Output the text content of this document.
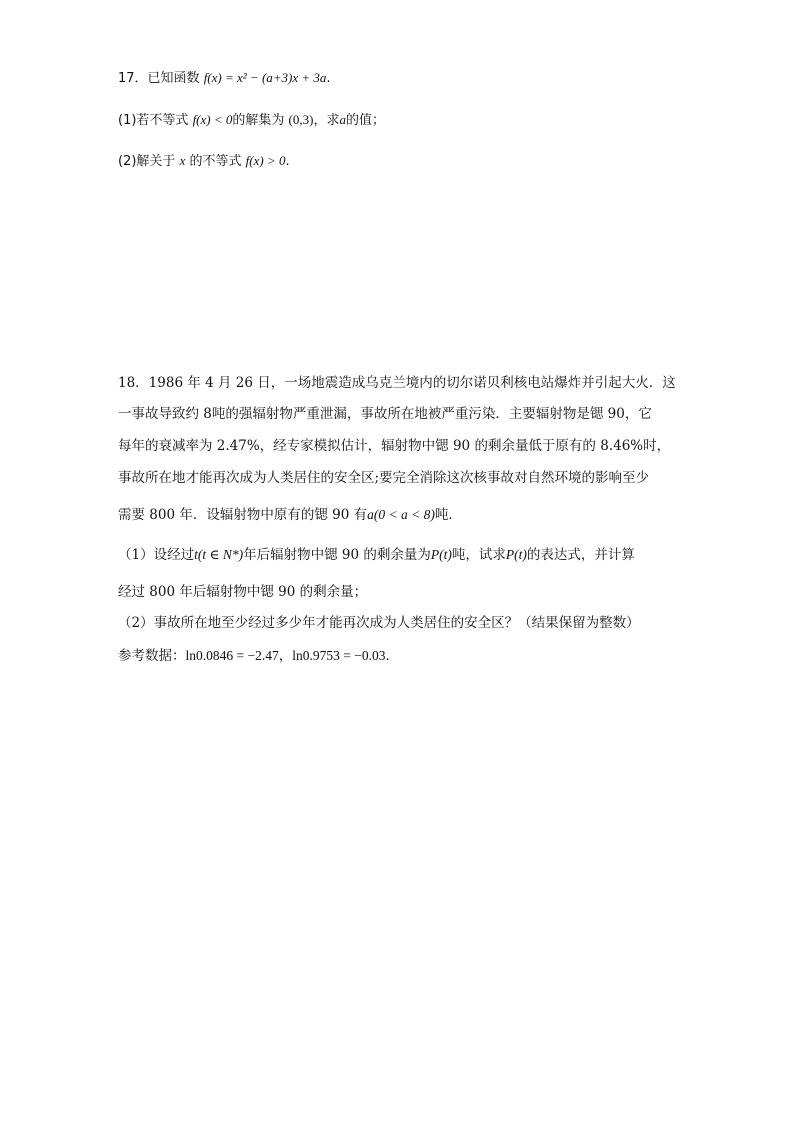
17．已知函数 f(x) = x² − (a+3)x + 3a.
(1)若不等式 f(x) < 0的解集为 (0,3)，求a的值；
(2)解关于 x 的不等式 f(x) > 0.
18．1986 年 4 月 26 日，一场地震造成乌克兰境内的切尔诺贝利核电站爆炸并引起大火．这
一事故导致约 8吨的强辐射物严重泄漏，事故所在地被严重污染．主要辐射物是锶 90，它
每年的衰减率为 2.47%，经专家模拟估计，辐射物中锶 90 的剩余量低于原有的 8.46%时，
事故所在地才能再次成为人类居住的安全区;要完全消除这次核事故对自然环境的影响至少
需要 800 年．设辐射物中原有的锶 90 有a(0 < a < 8)吨．
（1）设经过t(t ∈ N*)年后辐射物中锶 90 的剩余量为P(t)吨，试求P(t)的表达式，并计算
经过 800 年后辐射物中锶 90 的剩余量；
（2）事故所在地至少经过多少年才能再次成为人类居住的安全区？（结果保留为整数）
参考数据：ln0.0846 = −2.47，ln0.9753 = −0.03．
